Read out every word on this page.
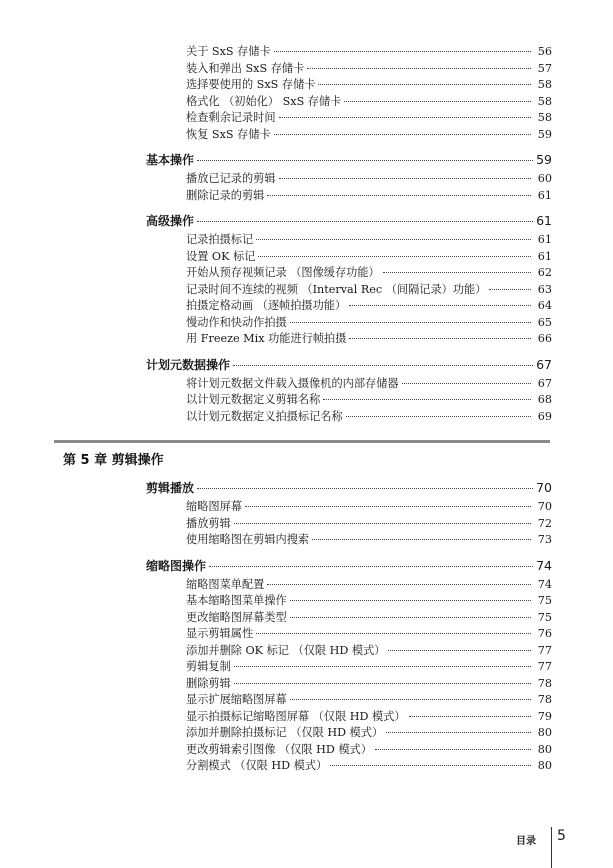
关于 SxS 存储卡	56
装入和弹出 SxS 存储卡	57
选择要使用的 SxS 存储卡	58
格式化 （初始化） SxS 存储卡	58
检查剩余记录时间	58
恢复 SxS 存储卡	59
基本操作	59
播放已记录的剪辑	60
删除记录的剪辑	61
高级操作	61
记录拍摄标记	61
设置 OK 标记	61
开始从预存视频记录 （图像缓存功能）	62
记录时间不连续的视频 （Interval Rec （间隔记录）功能）	63
拍摄定格动画 （逐帧拍摄功能）	64
慢动作和快动作拍摄	65
用 Freeze Mix 功能进行帧拍摄	66
计划元数据操作	67
将计划元数据文件载入摄像机的内部存储器	67
以计划元数据定义剪辑名称	68
以计划元数据定义拍摄标记名称	69
第 5 章 剪辑操作
剪辑播放	70
缩略图屏幕	70
播放剪辑	72
使用缩略图在剪辑内搜索	73
缩略图操作	74
缩略图菜单配置	74
基本缩略图菜单操作	75
更改缩略图屏幕类型	75
显示剪辑属性	76
添加并删除 OK 标记 （仅限 HD 模式）	77
剪辑复制	77
删除剪辑	78
显示扩展缩略图屏幕	78
显示拍摄标记缩略图屏幕 （仅限 HD 模式）	79
添加并删除拍摄标记 （仅限 HD 模式）	80
更改剪辑索引图像 （仅限 HD 模式）	80
分割模式 （仅限 HD 模式）	80
目录 5
